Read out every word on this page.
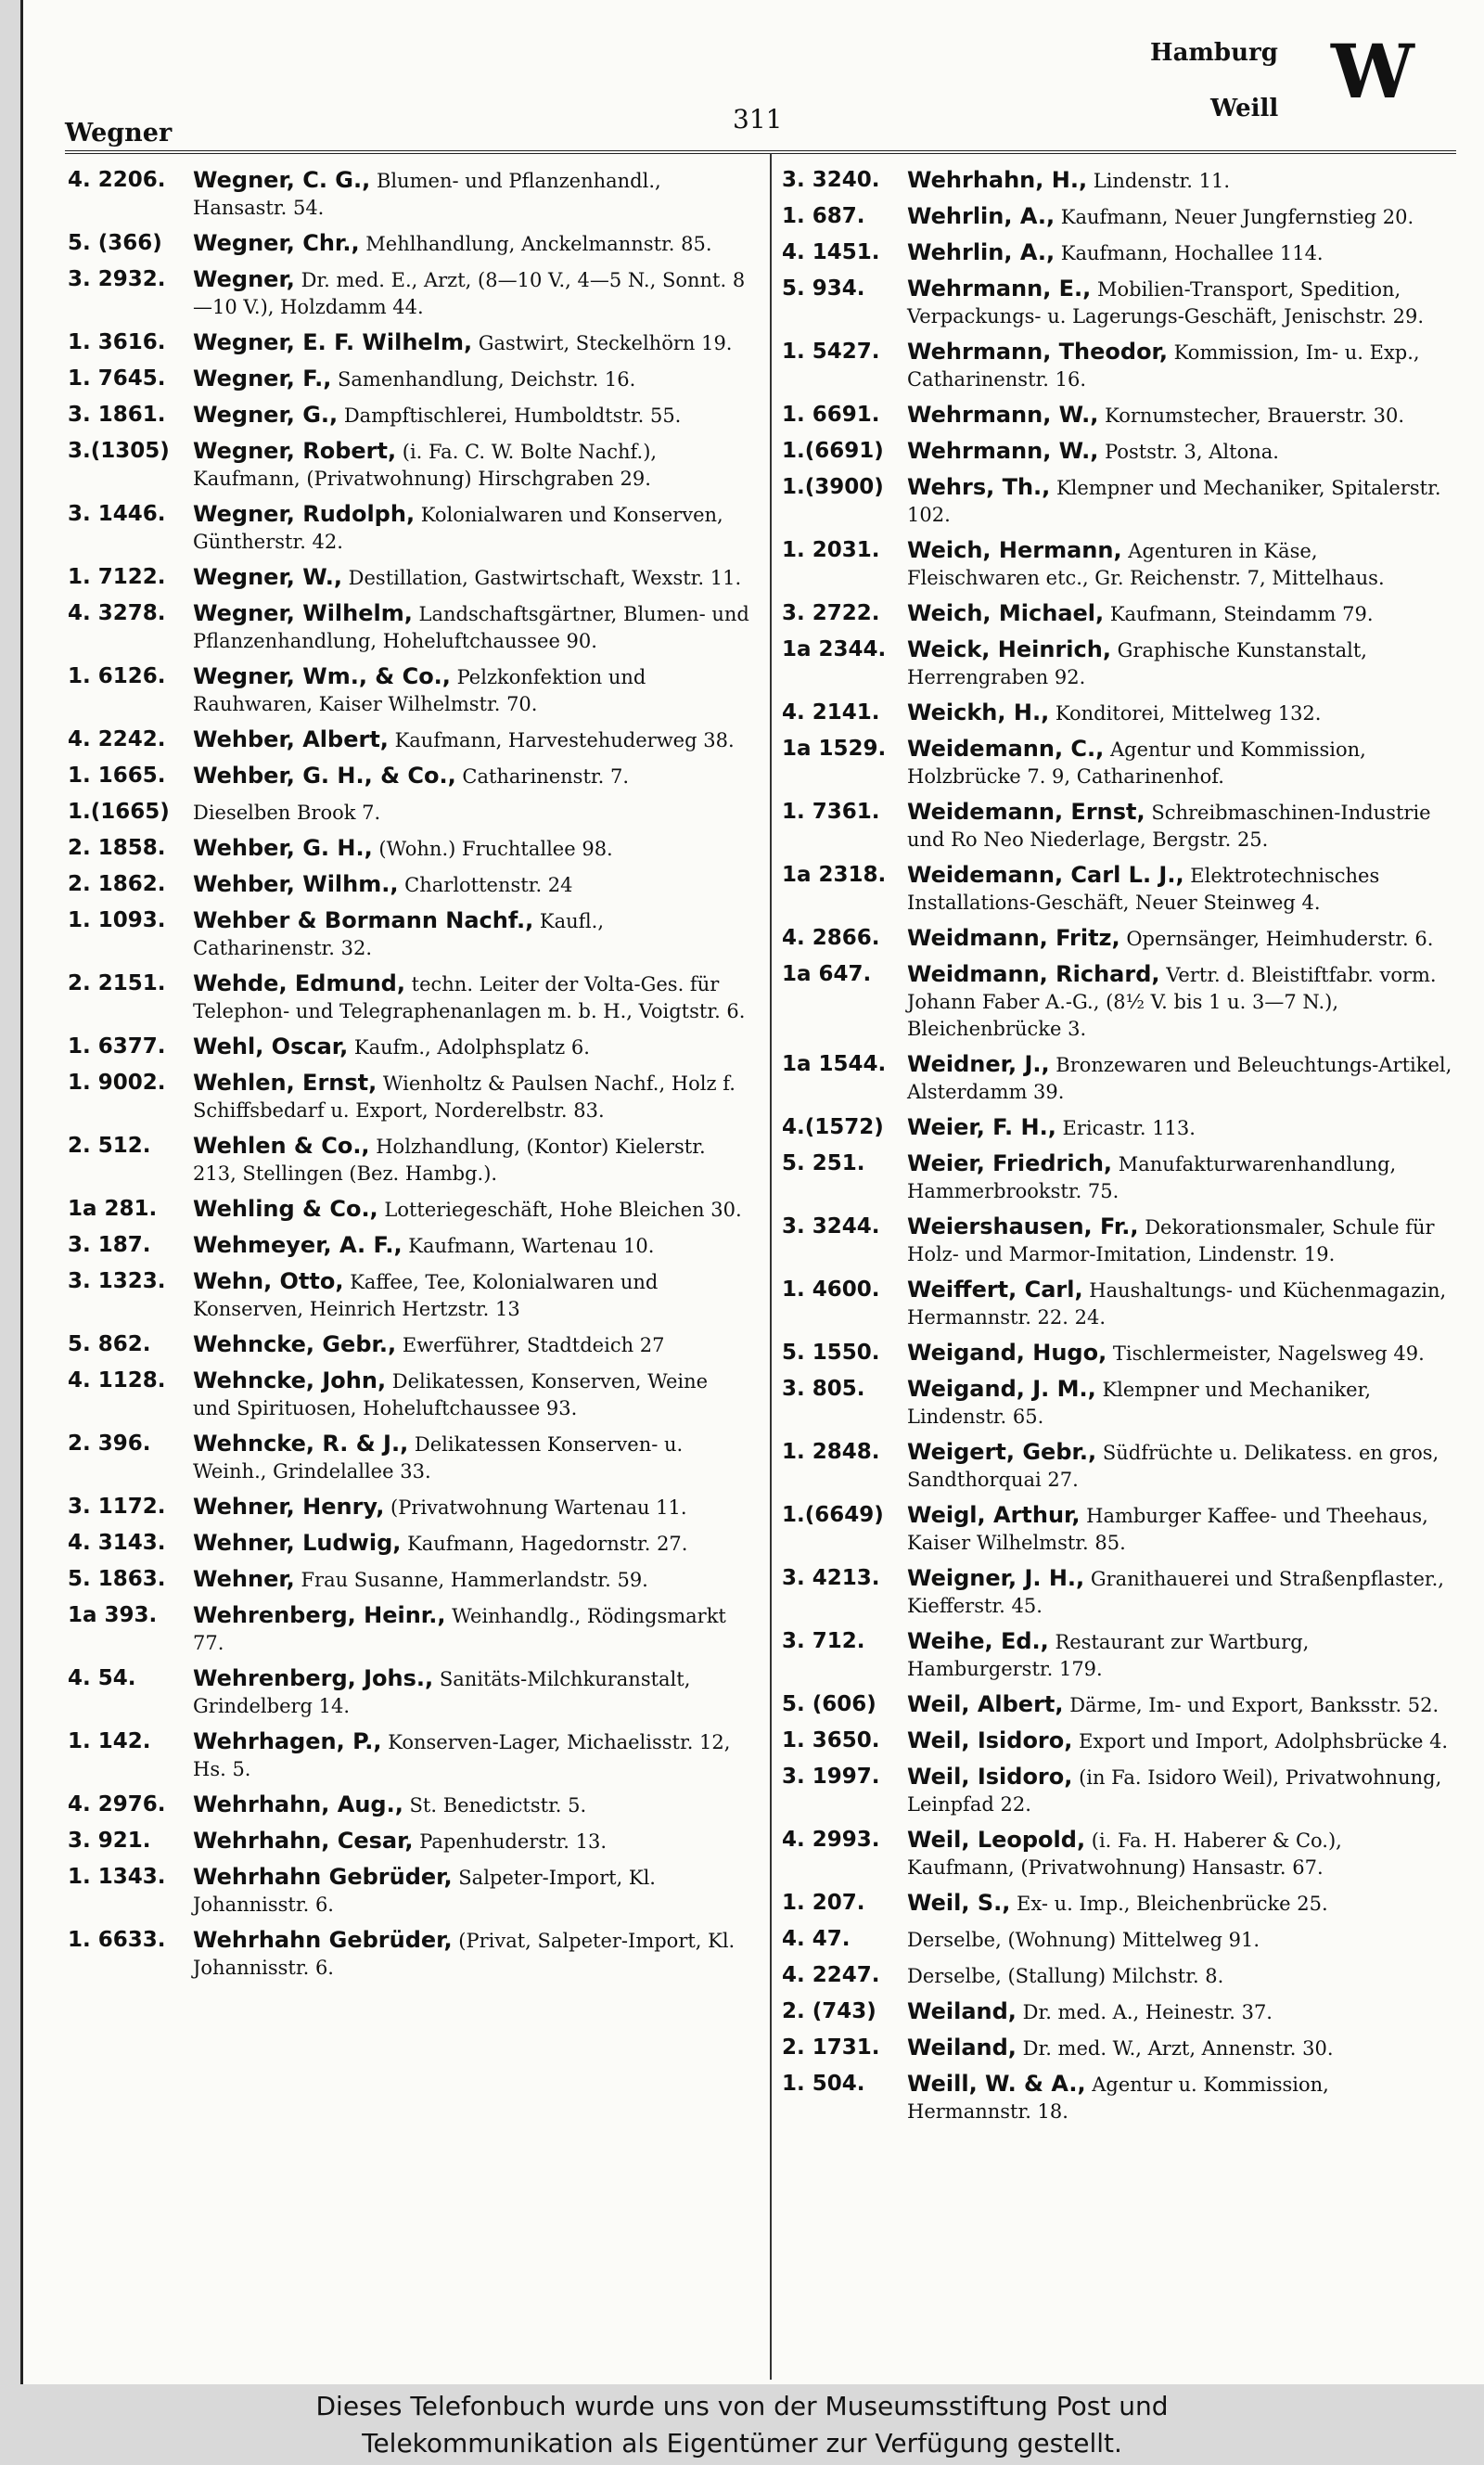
Wegner	311
Hamburg
Weill W
4. 2206.	Wegner, C. G., Blumen- und Pflanzenhandl., Hansastr. 54.
5. (366)	Wegner, Chr., Mehlhandlung, Anckelmannstr. 85.
3. 2932.	Wegner, Dr. med. E., Arzt, (8—10 V., 4—5 N., Sonnt. 8—10 V.), Holzdamm 44.
1. 3616.	Wegner, E. F. Wilhelm, Gastwirt, Steckelhörn 19.
1. 7645.	Wegner, F., Samenhandlung, Deichstr. 16.
3. 1861.	Wegner, G., Dampftischlerei, Humboldtstr. 55.
3.(1305)	Wegner, Robert, (i. Fa. C. W. Bolte Nachf.), Kaufmann, (Privatwohnung) Hirschgraben 29.
3. 1446.	Wegner, Rudolph, Kolonialwaren und Konserven, Güntherstr. 42.
1. 7122.	Wegner, W., Destillation, Gastwirtschaft, Wexstr. 11.
4. 3278.	Wegner, Wilhelm, Landschaftsgärtner, Blumen- und Pflanzenhandlung, Hoheluftchaussee 90.
1. 6126.	Wegner, Wm., & Co., Pelzkonfektion und Rauhwaren, Kaiser Wilhelmstr. 70.
4. 2242.	Wehber, Albert, Kaufmann, Harvestehuderweg 38.
1. 1665.	Wehber, G. H., & Co., Catharinenstr. 7.
1.(1665)	Dieselben Brook 7.
2. 1858.	Wehber, G. H., (Wohn.) Fruchtallee 98.
2. 1862.	Wehber, Wilhm., Charlottenstr. 24
1. 1093.	Wehber & Bormann Nachf., Kaufl., Catharinenstr. 32.
2. 2151.	Wehde, Edmund, techn. Leiter der Volta-Ges. für Telephon- und Telegraphenanlagen m. b. H., Voigtstr. 6.
1. 6377.	Wehl, Oscar, Kaufm., Adolphsplatz 6.
1. 9002.	Wehlen, Ernst, Wienholtz & Paulsen Nachf., Holz f. Schiffsbedarf u. Export, Norderelbstr. 83.
2. 512.	Wehlen & Co., Holzhandlung, (Kontor) Kielerstr. 213, Stellingen (Bez. Hambg.).
1a 281.	Wehling & Co., Lotteriegeschäft, Hohe Bleichen 30.
3. 187.	Wehmeyer, A. F., Kaufmann, Wartenau 10.
3. 1323.	Wehn, Otto, Kaffee, Tee, Kolonialwaren und Konserven, Heinrich Hertzstr. 13
5. 862.	Wehncke, Gebr., Ewerführer, Stadtdeich 27
4. 1128.	Wehncke, John, Delikatessen, Konserven, Weine und Spirituosen, Hoheluftchaussee 93.
2. 396.	Wehncke, R. & J., Delikatessen Konserven- u. Weinh., Grindelallee 33.
3. 1172.	Wehner, Henry, (Privatwohnung Wartenau 11.
4. 3143.	Wehner, Ludwig, Kaufmann, Hagedornstr. 27.
5. 1863.	Wehner, Frau Susanne, Hammerlandstr. 59.
1a 393.	Wehrenberg, Heinr., Weinhandlg., Rödingsmarkt 77.
4. 54.	Wehrenberg, Johs., Sanitäts-Milchkuranstalt, Grindelberg 14.
1. 142.	Wehrhagen, P., Konserven-Lager, Michaelisstr. 12, Hs. 5.
4. 2976.	Wehrhahn, Aug., St. Benedictstr. 5.
3. 921.	Wehrhahn, Cesar, Papenhuderstr. 13.
1. 1343.	Wehrhahn Gebrüder, Salpeter-Import, Kl. Johannisstr. 6.
1. 6633.	Wehrhahn Gebrüder, (Privat, Salpeter-Import, Kl. Johannisstr. 6.
3. 3240.	Wehrhahn, H., Lindenstr. 11.
1. 687.	Wehrlin, A., Kaufmann, Neuer Jungfernstieg 20.
4. 1451.	Wehrlin, A., Kaufmann, Hochallee 114.
5. 934.	Wehrmann, E., Mobilien-Transport, Spedition, Verpackungs- u. Lagerungs-Geschäft, Jenischstr. 29.
1. 5427.	Wehrmann, Theodor, Kommission, Im- u. Exp., Catharinenstr. 16.
1. 6691.	Wehrmann, W., Kornumstecher, Brauerstr. 30.
1.(6691)	Wehrmann, W., Poststr. 3, Altona.
1.(3900)	Wehrs, Th., Klempner und Mechaniker, Spitalerstr. 102.
1. 2031.	Weich, Hermann, Agenturen in Käse, Fleischwaren etc., Gr. Reichenstr. 7, Mittelhaus.
3. 2722.	Weich, Michael, Kaufmann, Steindamm 79.
1a 2344. Weick, Heinrich, Graphische Kunstanstalt, Herrengraben 92.
4. 2141.	Weickh, H., Konditorei, Mittelweg 132.
1a 1529. Weidemann, C., Agentur und Kommission, Holzbrücke 7. 9, Catharinenhof.
1. 7361.	Weidemann, Ernst, Schreibmaschinen-Industrie und Ro Neo Niederlage, Bergstr. 25.
1a 2318. Weidemann, Carl L. J., Elektrotechnisches Installations-Geschäft, Neuer Steinweg 4.
4. 2866.	Weidmann, Fritz, Opernsänger, Heimhuderstr. 6.
1a 647.	Weidmann, Richard, Vertr. d. Bleistiftfabr. vorm. Johann Faber A.-G., (8½ V. bis 1 u. 3—7 N.), Bleichenbrücke 3.
1a 1544. Weidner, J., Bronzewaren und Beleuchtungs-Artikel, Alsterdamm 39.
4.(1572)	Weier, F. H., Ericastr. 113.
5. 251.	Weier, Friedrich, Manufakturwarenhandlung, Hammerbrookstr. 75.
3. 3244.	Weiershausen, Fr., Dekorationsmaler, Schule für Holz- und Marmor-Imitation, Lindenstr. 19.
1. 4600.	Weiffert, Carl, Haushaltungs- und Küchenmagazin, Hermannstr. 22. 24.
5. 1550.	Weigand, Hugo, Tischlermeister, Nagelsweg 49.
3. 805.	Weigand, J. M., Klempner und Mechaniker, Lindenstr. 65.
1. 2848.	Weigert, Gebr., Südfrüchte u. Delikatess. en gros, Sandthorquai 27.
1.(6649)	Weigl, Arthur, Hamburger Kaffee- und Theehaus, Kaiser Wilhelmstr. 85.
3. 4213.	Weigner, J. H., Granithauerei und Straßenpflaster., Kiefferstr. 45.
3. 712.	Weihe, Ed., Restaurant zur Wartburg, Hamburgerstr. 179.
5. (606)	Weil, Albert, Därme, Im- und Export, Banksstr. 52.
1. 3650.	Weil, Isidoro, Export und Import, Adolphsbrücke 4.
3. 1997.	Weil, Isidoro, (in Fa. Isidoro Weil), Privatwohnung, Leinpfad 22.
4. 2993.	Weil, Leopold, (i. Fa. H. Haberer & Co.), Kaufmann, (Privatwohnung) Hansastr. 67.
1. 207.	Weil, S., Ex- u. Imp., Bleichenbrücke 25.
4. 47.	Derselbe, (Wohnung) Mittelweg 91.
4. 2247.	Derselbe, (Stallung) Milchstr. 8.
2. (743)	Weiland, Dr. med. A., Heinestr. 37.
2. 1731.	Weiland, Dr. med. W., Arzt, Annenstr. 30.
1. 504.	Weill, W. & A., Agentur u. Kommission, Hermannstr. 18.
Dieses Telefonbuch wurde uns von der Museumsstiftung Post und
Telekommunikation als Eigentümer zur Verfügung gestellt.
